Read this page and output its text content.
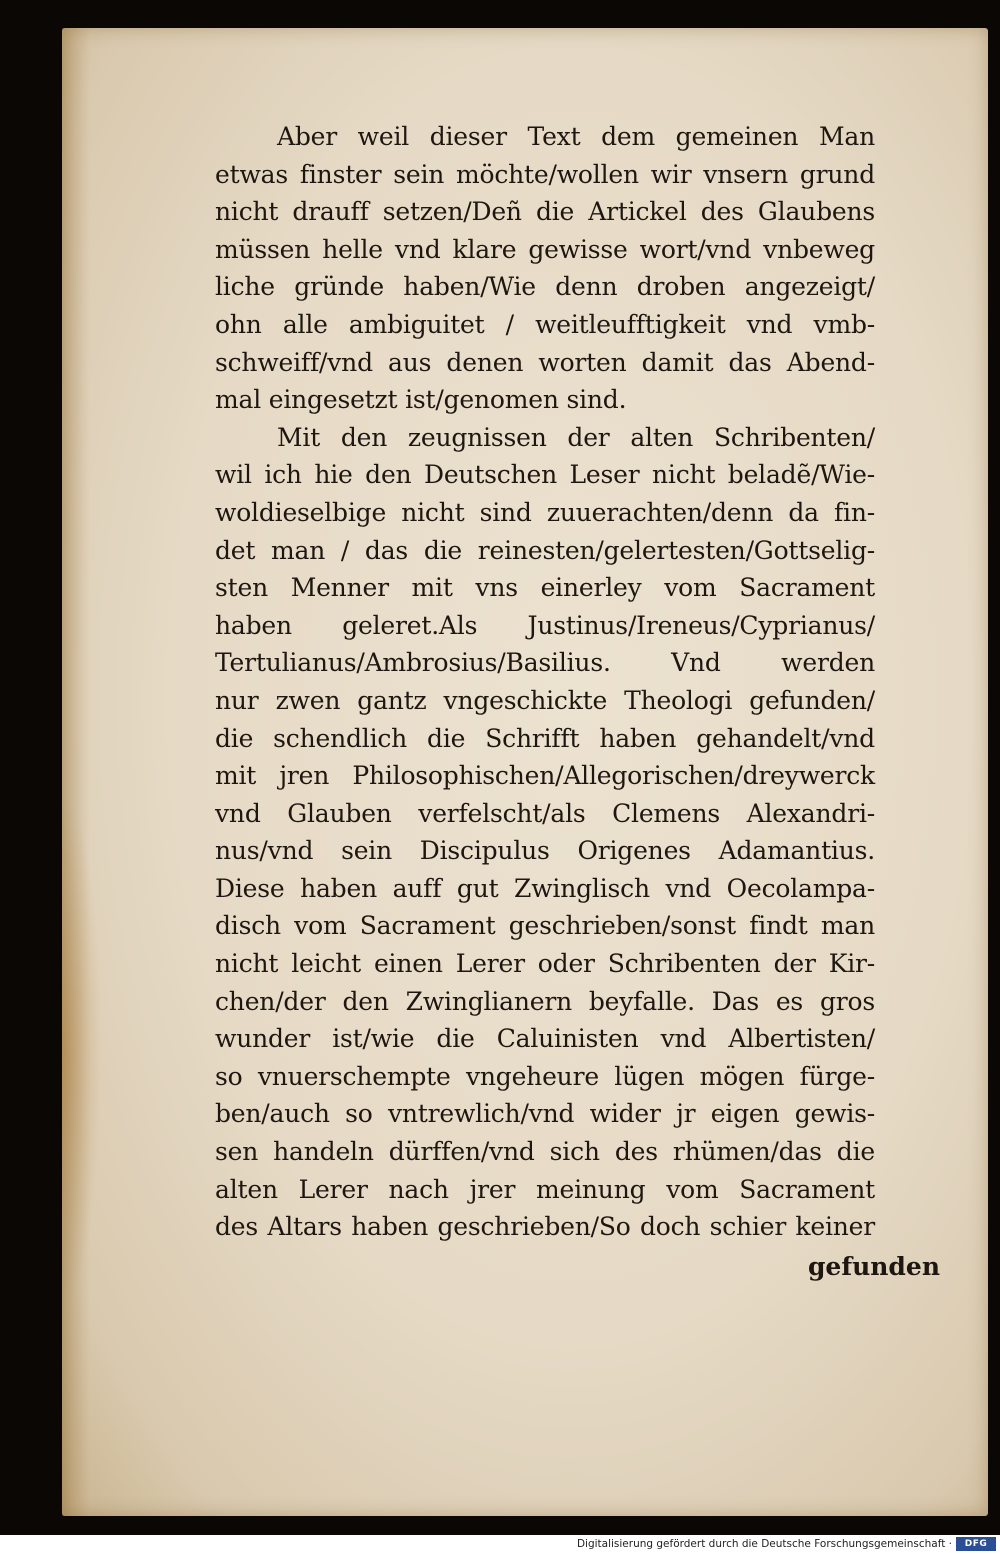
Aber weil dieser Text dem gemeinen Man
etwas finster sein möchte/wollen wir vnsern grund
nicht drauff setzen/Deñ die Artickel des Glaubens
müssen helle vnd klare gewisse wort/vnd vnbeweg
liche gründe haben/Wie denn droben angezeigt/
ohn alle ambiguitet / weitleufftigkeit vnd vmb-
schweiff/vnd aus denen worten damit das Abend-
mal eingesetzt ist/genomen sind.
Mit den zeugnissen der alten Schribenten/
wil ich hie den Deutschen Leser nicht beladẽ/Wie-
woldieselbige nicht sind zuuerachten/denn da fin-
det man / das die reinesten/gelertesten/Gottselig-
sten Menner mit vns einerley vom Sacrament
haben geleret.Als Justinus/Ireneus/Cyprianus/
Tertulianus/Ambrosius/Basilius. Vnd werden
nur zwen gantz vngeschickte Theologi gefunden/
die schendlich die Schrifft haben gehandelt/vnd
mit jren Philosophischen/Allegorischen/dreywerck
vnd Glauben verfelscht/als Clemens Alexandri-
nus/vnd sein Discipulus Origenes Adamantius.
Diese haben auff gut Zwinglisch vnd Oecolampa-
disch vom Sacrament geschrieben/sonst findt man
nicht leicht einen Lerer oder Schribenten der Kir-
chen/der den Zwinglianern beyfalle. Das es gros
wunder ist/wie die Caluinisten vnd Albertisten/
so vnuerschempte vngeheure lügen mögen fürge-
ben/auch so vntrewlich/vnd wider jr eigen gewis-
sen handeln dürffen/vnd sich des rhümen/das die
alten Lerer nach jrer meinung vom Sacrament
des Altars haben geschrieben/So doch schier keiner
gefunden
Digitalisierung gefördert durch die Deutsche Forschungsgemeinschaft ·	DFG
